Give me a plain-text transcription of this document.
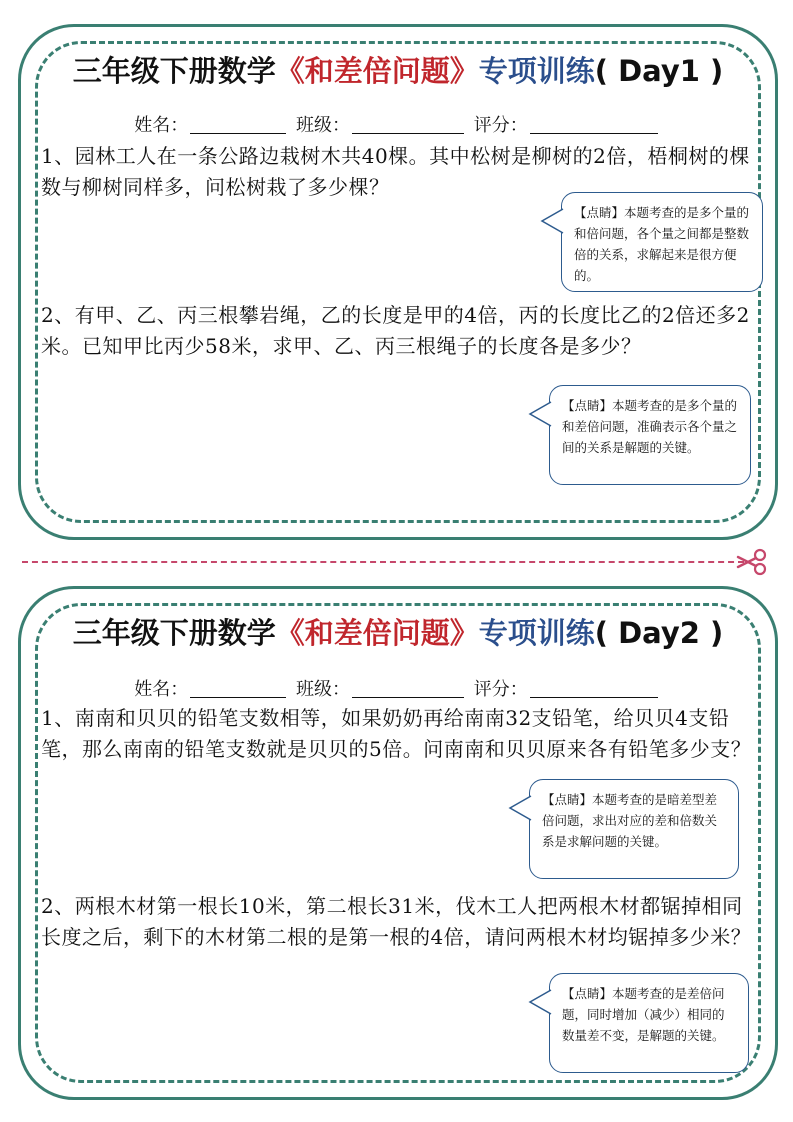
三年级下册数学《和差倍问题》专项训练( Day1 )
姓名：	班级：	评分：

1、园林工人在一条公路边栽树木共40棵。其中松树是柳树的2倍，梧桐树的棵数与柳树同样多，问松树栽了多少棵？

【点睛】本题考查的是多个量的和倍问题，各个量之间都是整数倍的关系，求解起来是很方便的。

2、有甲、乙、丙三根攀岩绳，乙的长度是甲的4倍，丙的长度比乙的2倍还多2米。已知甲比丙少58米，求甲、乙、丙三根绳子的长度各是多少？

【点睛】本题考查的是多个量的和差倍问题，准确表示各个量之间的关系是解题的关键。
三年级下册数学《和差倍问题》专项训练( Day2 )
姓名：	班级：	评分：

1、南南和贝贝的铅笔支数相等，如果奶奶再给南南32支铅笔，给贝贝4支铅笔，那么南南的铅笔支数就是贝贝的5倍。问南南和贝贝原来各有铅笔多少支？

【点睛】本题考查的是暗差型差倍问题，求出对应的差和倍数关系是求解问题的关键。

2、两根木材第一根长10米，第二根长31米，伐木工人把两根木材都锯掉相同长度之后，剩下的木材第二根的是第一根的4倍，请问两根木材均锯掉多少米？

【点睛】本题考查的是差倍问题，同时增加（减少）相同的数量差不变，是解题的关键。
